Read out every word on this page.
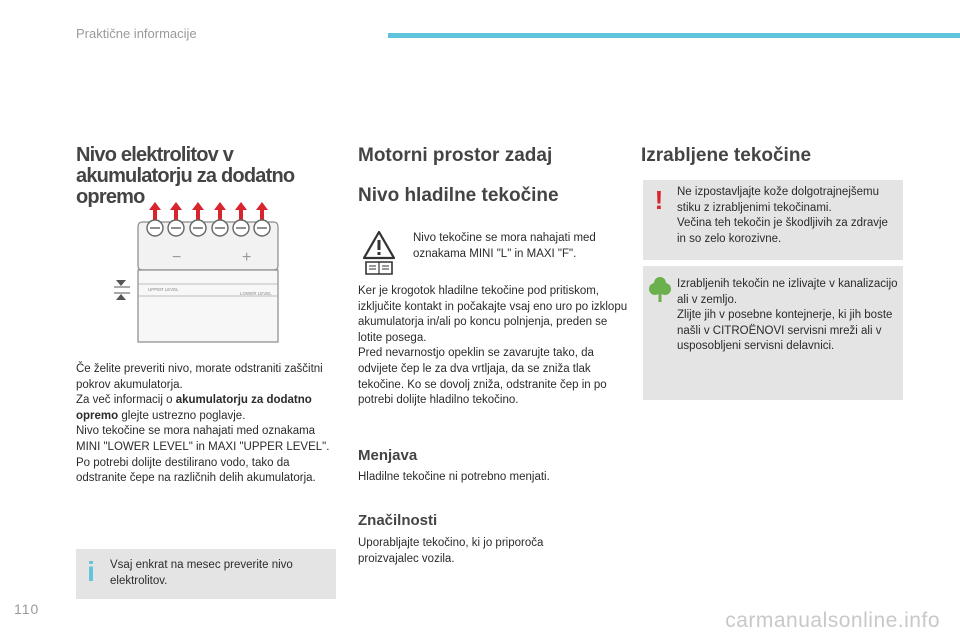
Praktične informacije
Nivo elektrolitov v akumulatorju za dodatno opremo
−	+
UPPER LEVEL
LOWER LEVEL
Če želite preveriti nivo, morate odstraniti zaščitni pokrov akumulatorja.
Za več informacij o akumulatorju za dodatno opremo glejte ustrezno poglavje.
Nivo tekočine se mora nahajati med oznakama MINI "LOWER LEVEL" in MAXI "UPPER LEVEL".
Po potrebi dolijte destilirano vodo, tako da odstranite čepe na različnih delih akumulatorja.
i Vsaj enkrat na mesec preverite nivo elektrolitov.
Motorni prostor zadaj
Nivo hladilne tekočine
Nivo tekočine se mora nahajati med oznakama MINI "L" in MAXI "F".
Ker je krogotok hladilne tekočine pod pritiskom, izključite kontakt in počakajte vsaj eno uro po izklopu akumulatorja in/ali po koncu polnjenja, preden se lotite posega.
Pred nevarnostjo opeklin se zavarujte tako, da odvijete čep le za dva vrtljaja, da se zniža tlak tekočine. Ko se dovolj zniža, odstranite čep in po potrebi dolijte hladilno tekočino.
Menjava
Hladilne tekočine ni potrebno menjati.
Značilnosti
Uporabljajte tekočino, ki jo priporoča proizvajalec vozila.
Izrabljene tekočine
! Ne izpostavljajte kože dolgotrajnejšemu stiku z izrabljenimi tekočinami.
Večina teh tekočin je škodljivih za zdravje in so zelo korozivne.
Izrabljenih tekočin ne izlivajte v kanalizacijo ali v zemljo.
Zlijte jih v posebne kontejnerje, ki jih boste našli v CITROËNOVI servisni mreži ali v usposobljeni servisni delavnici.
110	carmanualsonline.info
